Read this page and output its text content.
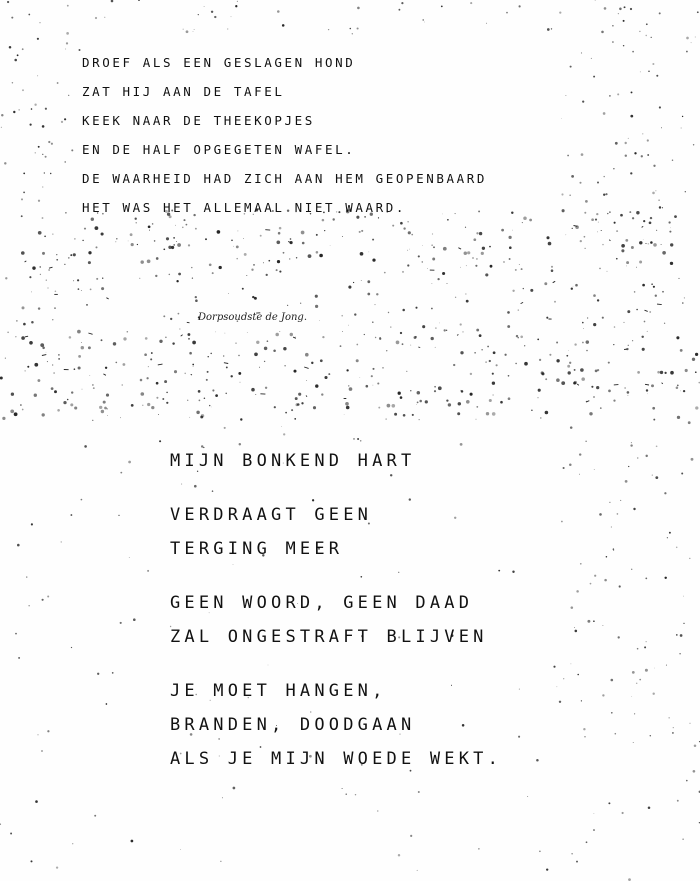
DROEF ALS EEN GESLAGEN HOND
ZAT HIJ AAN DE TAFEL
KEEK NAAR DE THEEKOPJES
EN DE HALF OPGEGETEN WAFEL.
DE WAARHEID HAD ZICH AAN HEM GEOPENBAARD
HET WAS HET ALLEMAAL NIET WAARD.
Dorpsoudste de Jong.
MIJN BONKEND HART
VERDRAAGT GEEN
TERGING MEER
GEEN WOORD, GEEN DAAD
ZAL ONGESTRAFT BLIJVEN
JE MOET HANGEN,
BRANDEN, DOODGAAN
ALS JE MIJN WOEDE WEKT.
